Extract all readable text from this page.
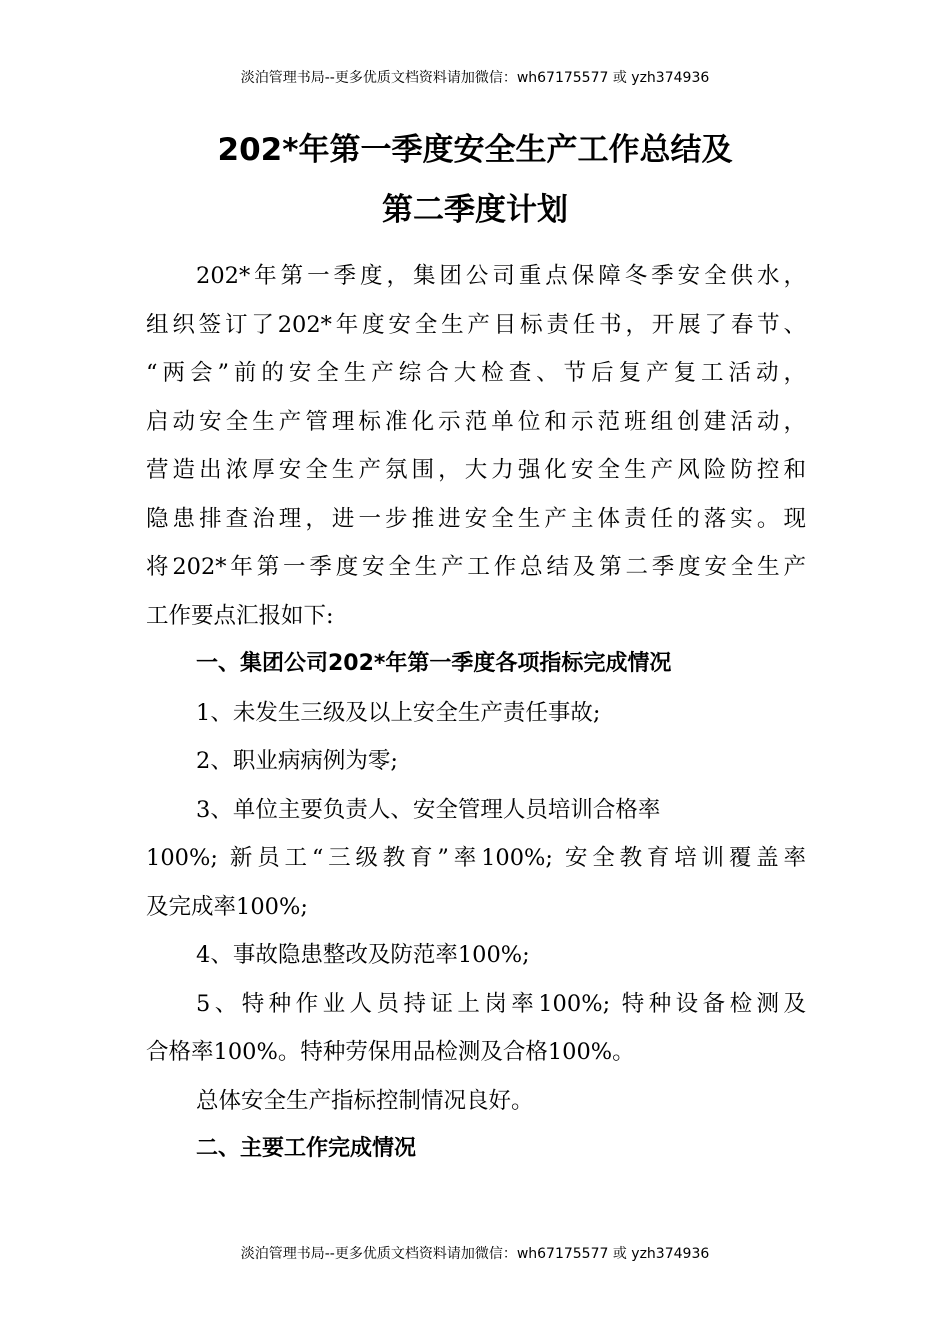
淡泊管理书局--更多优质文档资料请加微信：wh67175577 或 yzh374936
202*年第一季度安全生产工作总结及
第二季度计划
202*年第一季度，集团公司重点保障冬季安全供水，
组织签订了202*年度安全生产目标责任书，开展了春节、
“两会”前的安全生产综合大检查、节后复产复工活动，
启动安全生产管理标准化示范单位和示范班组创建活动，
营造出浓厚安全生产氛围，大力强化安全生产风险防控和
隐患排查治理，进一步推进安全生产主体责任的落实。现
将202*年第一季度安全生产工作总结及第二季度安全生产
工作要点汇报如下:
一、集团公司202*年第一季度各项指标完成情况
1、未发生三级及以上安全生产责任事故;
2、职业病病例为零;
3、单位主要负责人、安全管理人员培训合格率
100%; 新员工“三级教育”率100%; 安全教育培训覆盖率
及完成率100%;
4、事故隐患整改及防范率100%;
5、特种作业人员持证上岗率100%; 特种设备检测及
合格率100%。特种劳保用品检测及合格100%。
总体安全生产指标控制情况良好。
二、主要工作完成情况
淡泊管理书局--更多优质文档资料请加微信：wh67175577 或 yzh374936
